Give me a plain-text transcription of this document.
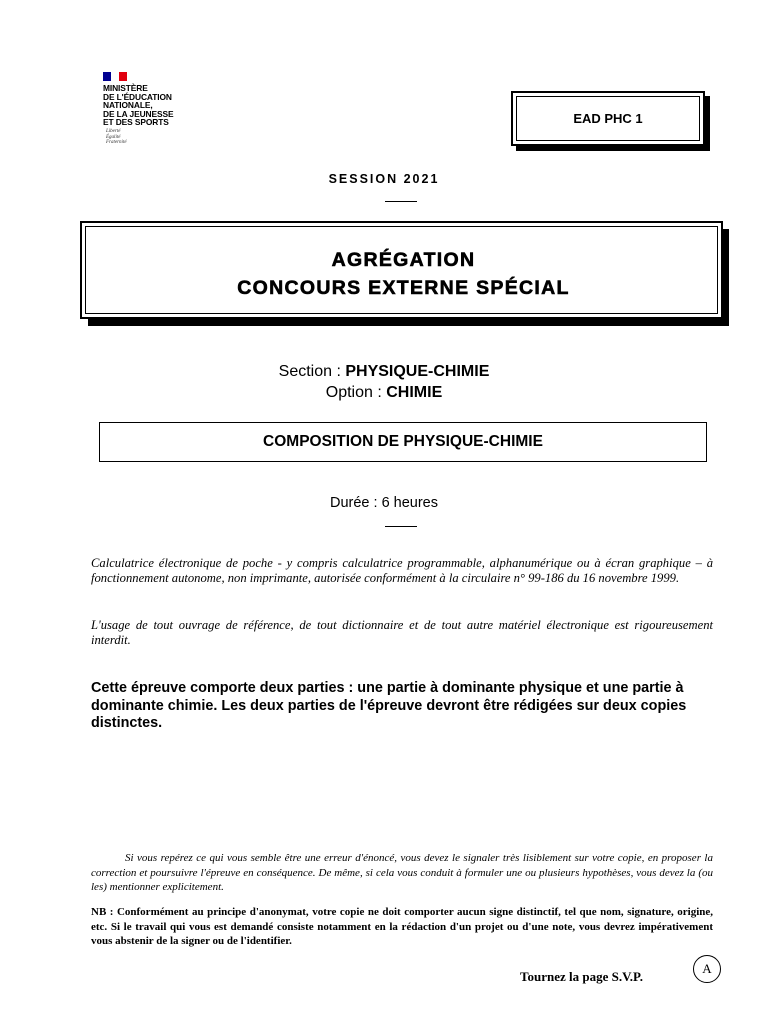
MINISTÈRE
DE L'ÉDUCATION
NATIONALE,
DE LA JEUNESSE
ET DES SPORTS
Liberté
Égalité
Fraternité
EAD PHC 1
SESSION 2021
AGRÉGATION
CONCOURS EXTERNE SPÉCIAL
Section : PHYSIQUE-CHIMIE
Option : CHIMIE
COMPOSITION DE PHYSIQUE-CHIMIE
Durée : 6 heures
Calculatrice électronique de poche - y compris calculatrice programmable, alphanumérique ou à écran graphique – à fonctionnement autonome, non imprimante, autorisée conformément à la circulaire n° 99-186 du 16 novembre 1999.
L'usage de tout ouvrage de référence, de tout dictionnaire et de tout autre matériel électronique est rigoureusement interdit.
Cette épreuve comporte deux parties : une partie à dominante physique et une partie à dominante chimie. Les deux parties de l'épreuve devront être rédigées sur deux copies distinctes.
Si vous repérez ce qui vous semble être une erreur d'énoncé, vous devez le signaler très lisiblement sur votre copie, en proposer la correction et poursuivre l'épreuve en conséquence. De même, si cela vous conduit à formuler une ou plusieurs hypothèses, vous devez la (ou les) mentionner explicitement.
NB : Conformément au principe d'anonymat, votre copie ne doit comporter aucun signe distinctif, tel que nom, signature, origine, etc. Si le travail qui vous est demandé consiste notamment en la rédaction d'un projet ou d'une note, vous devrez impérativement vous abstenir de la signer ou de l'identifier.
Tournez la page S.V.P.
A
